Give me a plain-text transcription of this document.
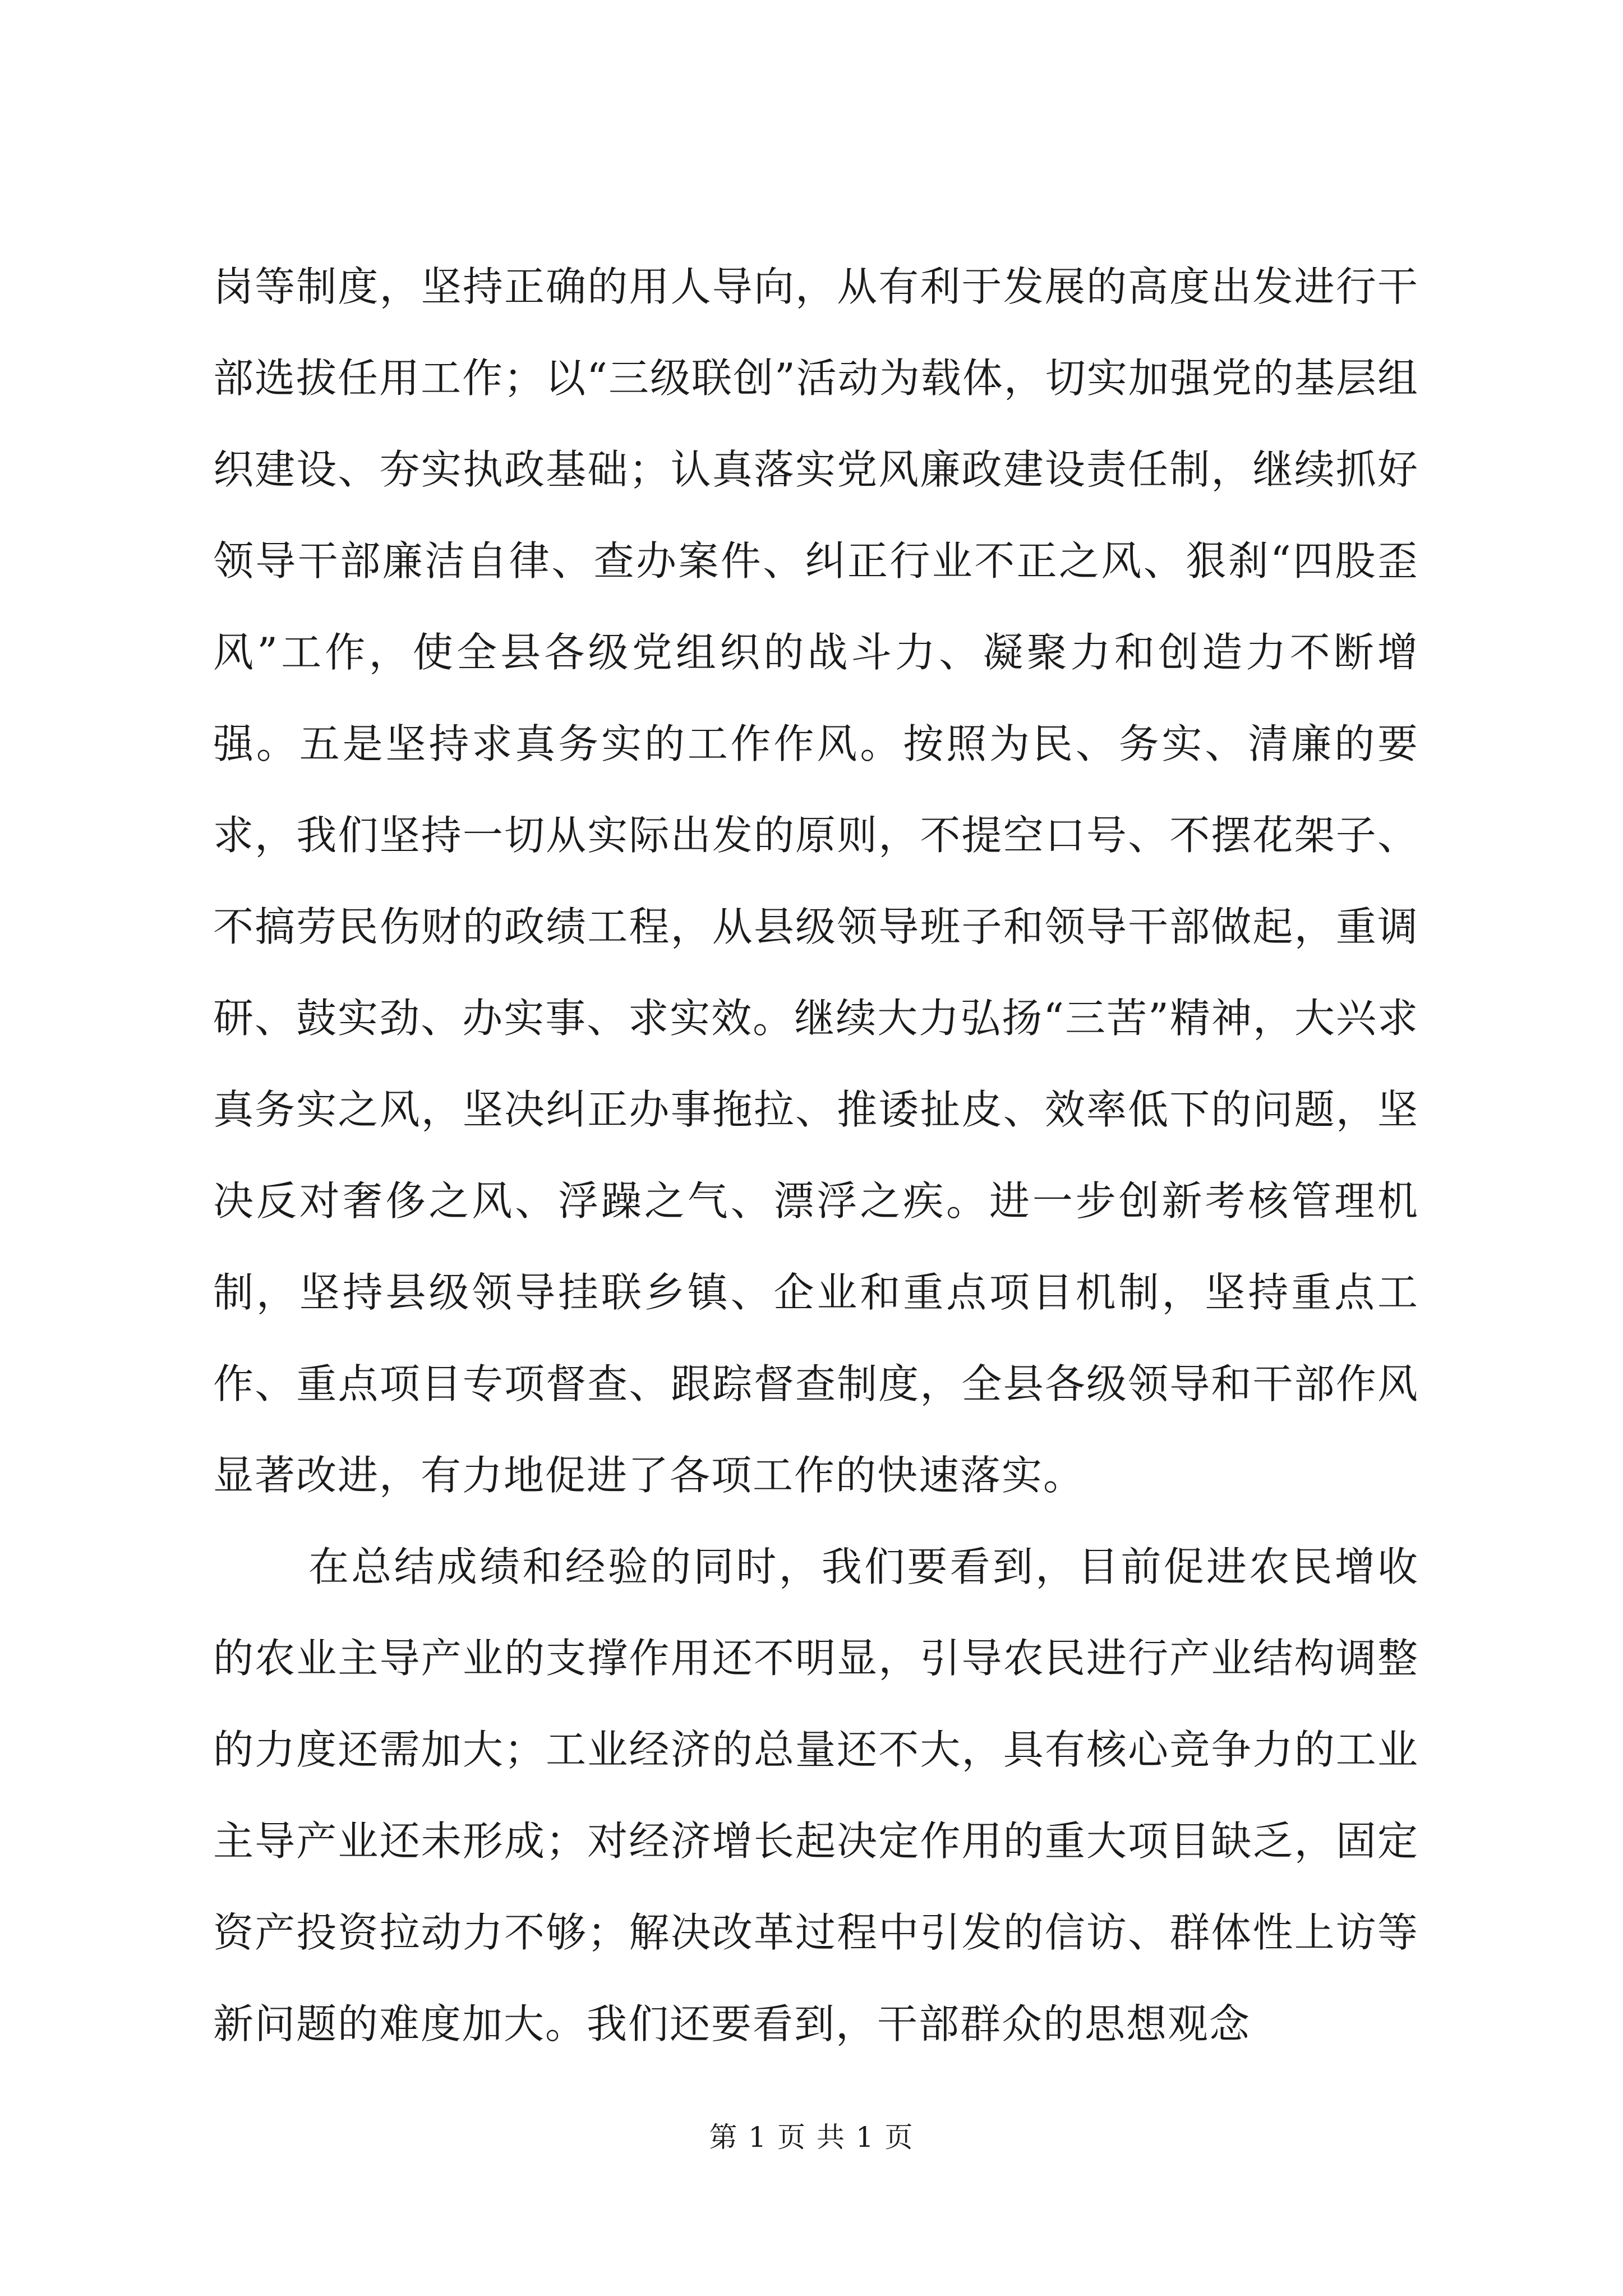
岗等制度，坚持正确的用人导向，从有利于发展的高度出发进行干部选拔任用工作；以“三级联创”活动为载体，切实加强党的基层组织建设、夯实执政基础；认真落实党风廉政建设责任制，继续抓好领导干部廉洁自律、查办案件、纠正行业不正之风、狠刹“四股歪风”工作，使全县各级党组织的战斗力、凝聚力和创造力不断增强。五是坚持求真务实的工作作风。按照为民、务实、清廉的要求，我们坚持一切从实际出发的原则，不提空口号、不摆花架子、不搞劳民伤财的政绩工程，从县级领导班子和领导干部做起，重调研、鼓实劲、办实事、求实效。继续大力弘扬“三苦”精神，大兴求真务实之风，坚决纠正办事拖拉、推诿扯皮、效率低下的问题，坚决反对奢侈之风、浮躁之气、漂浮之疾。进一步创新考核管理机制，坚持县级领导挂联乡镇、企业和重点项目机制，坚持重点工作、重点项目专项督查、跟踪督查制度，全县各级领导和干部作风显著改进，有力地促进了各项工作的快速落实。

在总结成绩和经验的同时，我们要看到，目前促进农民增收的农业主导产业的支撑作用还不明显，引导农民进行产业结构调整的力度还需加大；工业经济的总量还不大，具有核心竞争力的工业主导产业还未形成；对经济增长起决定作用的重大项目缺乏，固定资产投资拉动力不够；解决改革过程中引发的信访、群体性上访等新问题的难度加大。我们还要看到，干部群众的思想观念

第 1 页 共 1 页
